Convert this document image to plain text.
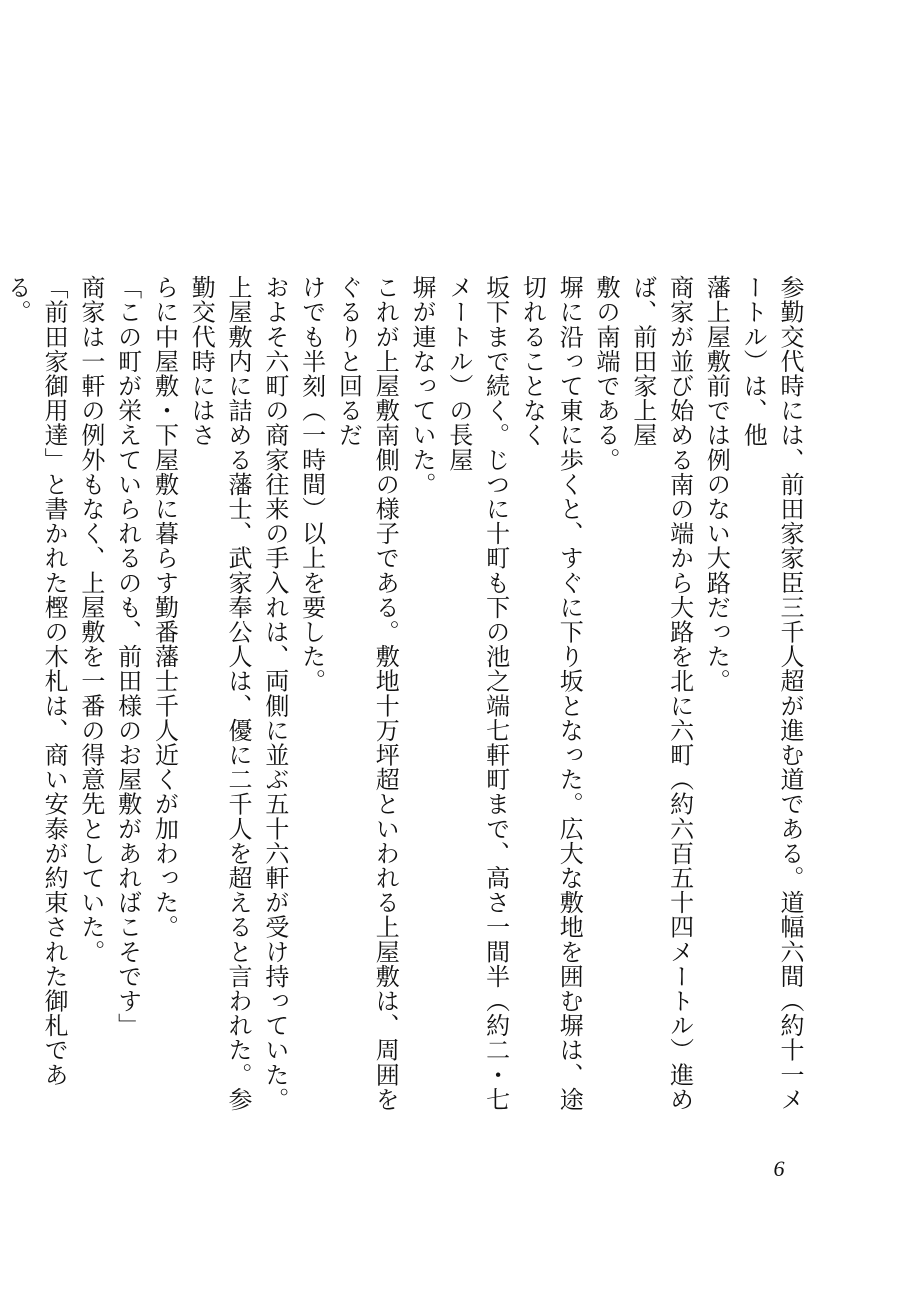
参勤交代時には、前田家家臣三千人超が進む道である。道幅六間（約十一メートル）は、他

藩上屋敷前では例のない大路だった。

商家が並び始める南の端から大路を北に六町（約六百五十四メートル）進めば、前田家上屋

敷の南端である。

塀に沿って東に歩くと、すぐに下り坂となった。広大な敷地を囲む塀は、途切れることなく

坂下まで続く。じつに十町も下の池之端七軒町まで、高さ一間半（約二・七メートル）の長屋

塀が連なっていた。

これが上屋敷南側の様子である。敷地十万坪超といわれる上屋敷は、周囲をぐるりと回るだ

けでも半刻（一時間）以上を要した。

およそ六町の商家往来の手入れは、両側に並ぶ五十六軒が受け持っていた。

上屋敷内に詰める藩士、武家奉公人は、優に二千人を超えると言われた。参勤交代時にはさ

らに中屋敷・下屋敷に暮らす勤番藩士千人近くが加わった。

「この町が栄えていられるのも、前田様のお屋敷があればこそです」

商家は一軒の例外もなく、上屋敷を一番の得意先としていた。

「前田家御用達」と書かれた樫の木札は、商い安泰が約束された御札である。

6
